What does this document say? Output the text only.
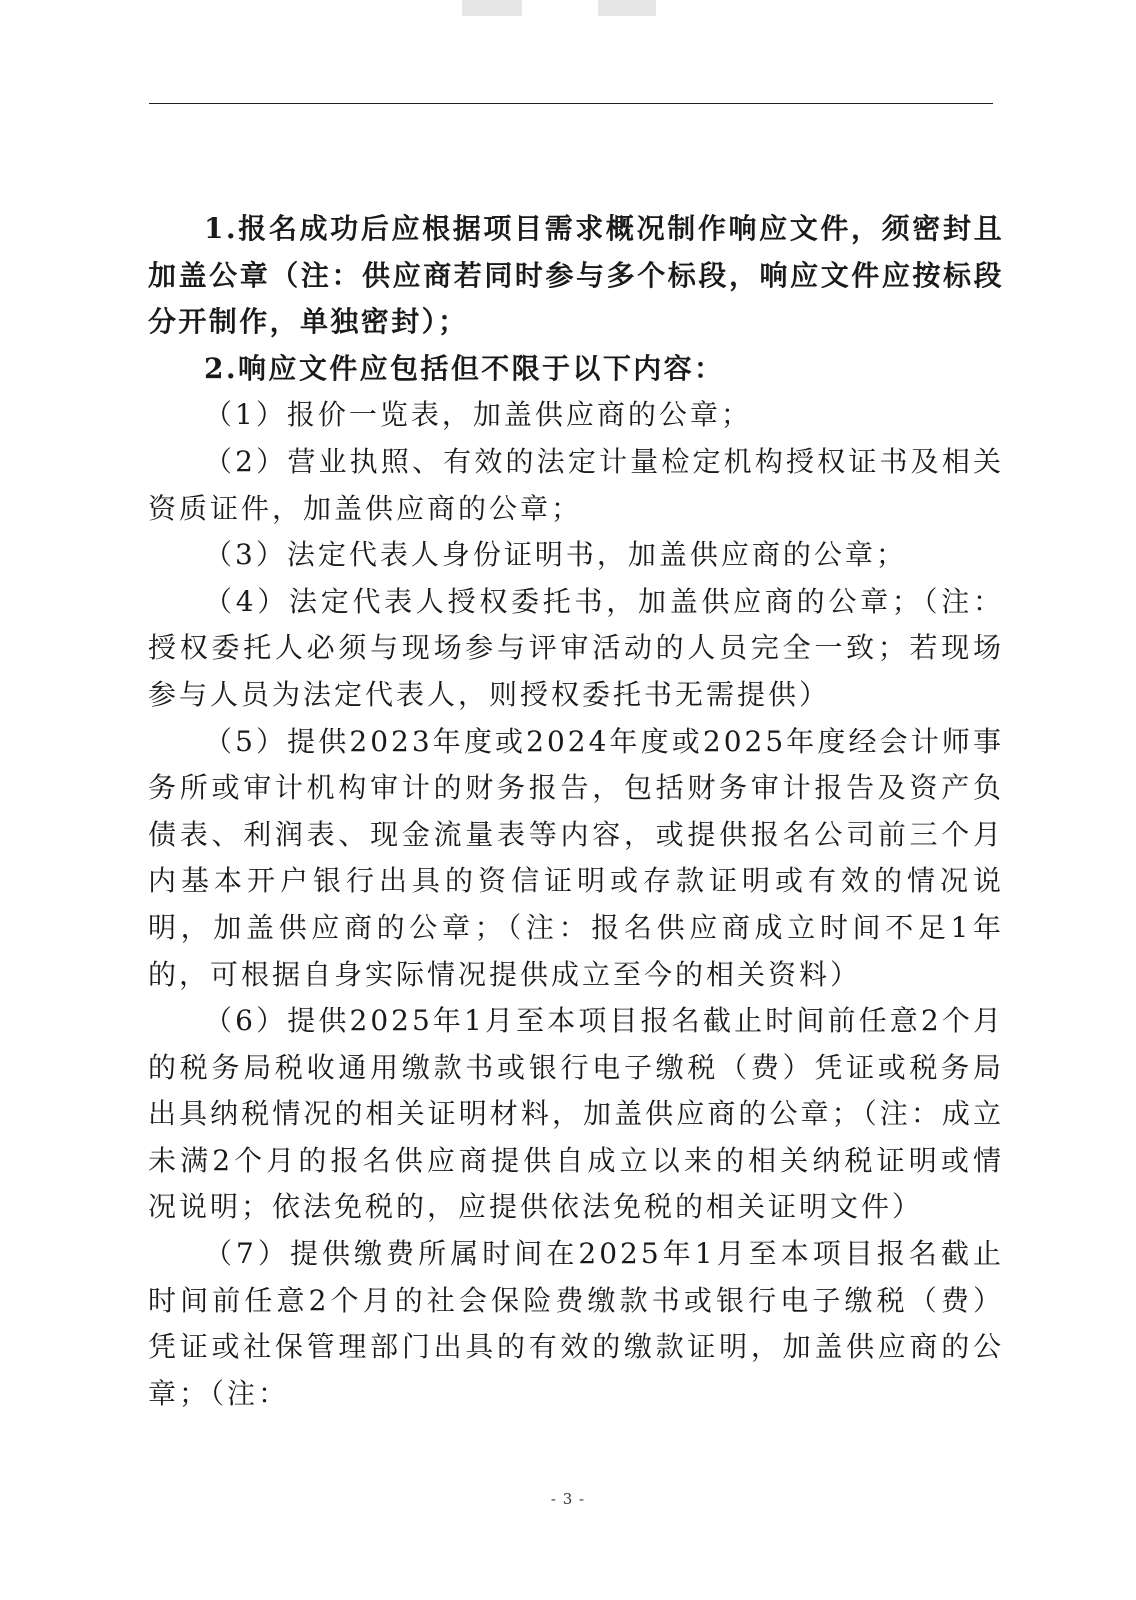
1.报名成功后应根据项目需求概况制作响应文件，须密封且加盖公章（注：供应商若同时参与多个标段，响应文件应按标段分开制作，单独密封）；

2.响应文件应包括但不限于以下内容：

（1）报价一览表，加盖供应商的公章；

（2）营业执照、有效的法定计量检定机构授权证书及相关资质证件，加盖供应商的公章；

（3）法定代表人身份证明书，加盖供应商的公章；

（4）法定代表人授权委托书，加盖供应商的公章；（注：授权委托人必须与现场参与评审活动的人员完全一致；若现场参与人员为法定代表人，则授权委托书无需提供）

（5）提供2023年度或2024年度或2025年度经会计师事务所或审计机构审计的财务报告，包括财务审计报告及资产负债表、利润表、现金流量表等内容，或提供报名公司前三个月内基本开户银行出具的资信证明或存款证明或有效的情况说明，加盖供应商的公章；（注：报名供应商成立时间不足1年的，可根据自身实际情况提供成立至今的相关资料）

（6）提供2025年1月至本项目报名截止时间前任意2个月的税务局税收通用缴款书或银行电子缴税（费）凭证或税务局出具纳税情况的相关证明材料，加盖供应商的公章；（注：成立未满2个月的报名供应商提供自成立以来的相关纳税证明或情况说明；依法免税的，应提供依法免税的相关证明文件）

（7）提供缴费所属时间在2025年1月至本项目报名截止时间前任意2个月的社会保险费缴款书或银行电子缴税（费）凭证或社保管理部门出具的有效的缴款证明，加盖供应商的公章；（注：

- 3 -
